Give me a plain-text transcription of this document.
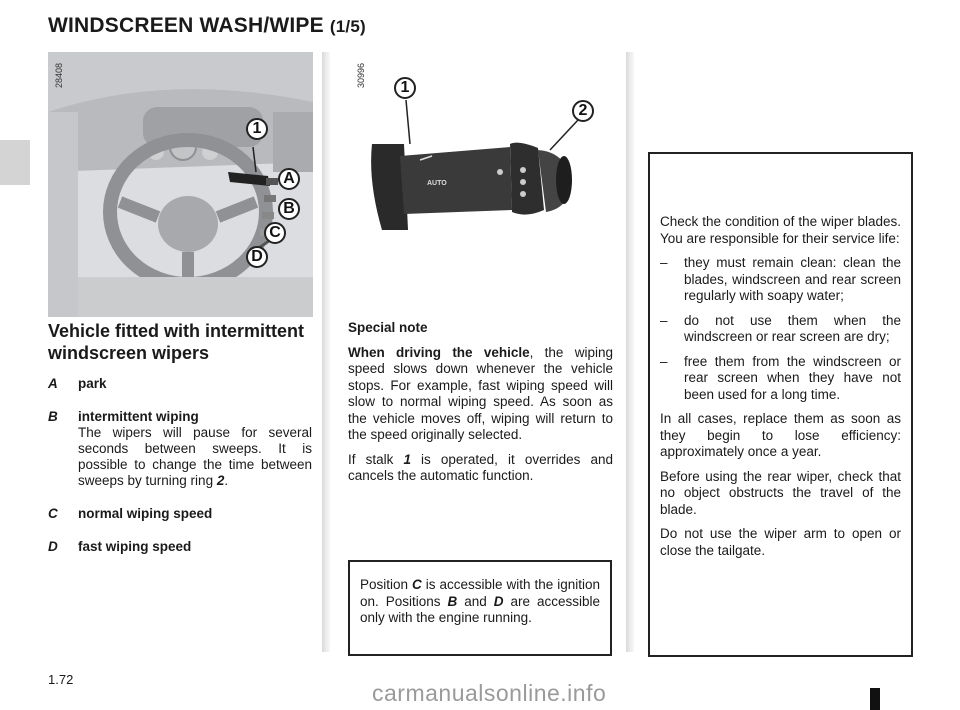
WINDSCREEN WASH/WIPE (1/5)
28408
1
A
B
C
D
AUTO
30996	1
2
Vehicle fitted with intermittent windscreen wipers
A park
B intermittent wiping
The wipers will pause for several seconds between sweeps. It is possible to change the time between sweeps by turning ring 2.
C normal wiping speed
D fast wiping speed

Special note

When driving the vehicle, the wiping speed slows down whenever the vehicle stops. For example, fast wiping speed will slow to normal wiping speed. As soon as the vehicle moves off, wiping will return to the speed originally selected.

If stalk 1 is operated, it overrides and cancels the automatic function.

Position C is accessible with the ignition on. Positions B and D are accessible only with the engine running.

Check the condition of the wiper blades. You are responsible for their service life:

– they must remain clean: clean the blades, windscreen and rear screen regularly with soapy water;
– do not use them when the windscreen or rear screen are dry;
– free them from the windscreen or rear screen when they have not been used for a long time.

In all cases, replace them as soon as they begin to lose efficiency: approximately once a year.

Before using the rear wiper, check that no object obstructs the travel of the blade.

Do not use the wiper arm to open or close the tailgate.

1.72
carmanualsonline.info
